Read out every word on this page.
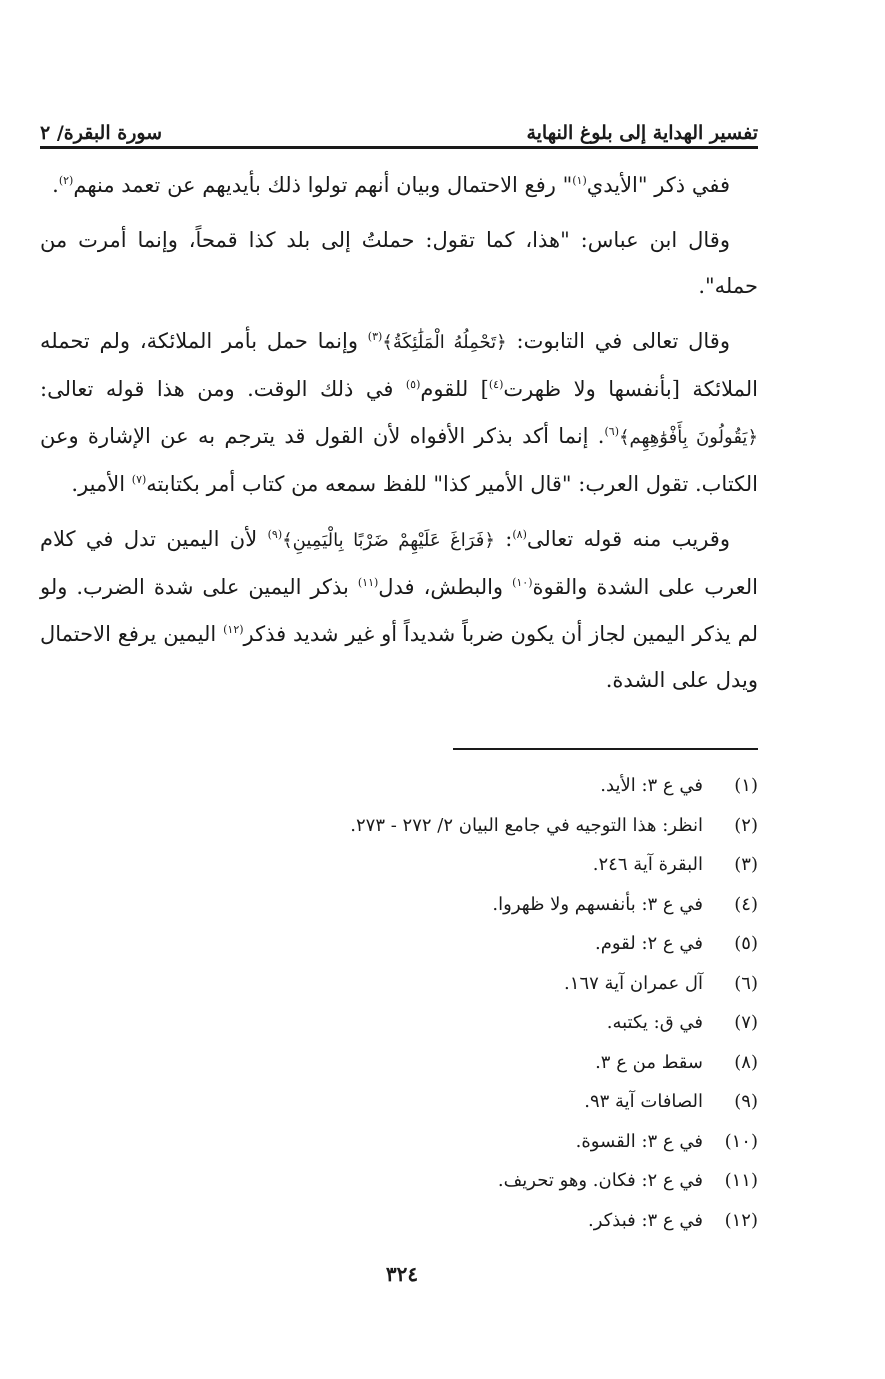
تفسير الهداية إلى بلوغ النهاية
سورة البقرة/ ٢

ففي ذكر "الأيدي$^{(١)}$" رفع الاحتمال وبيان أنهم تولوا ذلك بأيديهم عن تعمد منهم$^{(٢)}$.

وقال ابن عباس: "هذا، كما تقول: حملتُ إلى بلد كذا قمحاً، وإنما أمرت من حمله".

وقال تعالى في التابوت: ﴿تَحْمِلُهُ الْمَلَٰئِكَةُ﴾$^{(٣)}$ وإنما حمل بأمر الملائكة، ولم تحمله الملائكة [بأنفسها ولا ظهرت$^{(٤)}$] للقوم$^{(٥)}$ في ذلك الوقت. ومن هذا قوله تعالى: ﴿يَقُولُونَ بِأَفْوَٰهِهِم﴾$^{(٦)}$. إنما أكد بذكر الأفواه لأن القول قد يترجم به عن الإشارة وعن الكتاب. تقول العرب: "قال الأمير كذا" للفظ سمعه من كتاب أمر بكتابته$^{(٧)}$ الأمير.

وقريب منه قوله تعالى$^{(٨)}$: ﴿فَرَاغَ عَلَيْهِمْ ضَرْبًا بِالْيَمِينِ﴾$^{(٩)}$ لأن اليمين تدل في كلام العرب على الشدة والقوة$^{(١٠)}$ والبطش، فدل$^{(١١)}$ بذكر اليمين على شدة الضرب. ولو لم يذكر اليمين لجاز أن يكون ضرباً شديداً أو غير شديد فذكر$^{(١٢)}$ اليمين يرفع الاحتمال ويدل على الشدة.

(١)
في ع ٣: الأيد.
(٢)
انظر: هذا التوجيه في جامع البيان ٢/ ٢٧٢ - ٢٧٣.
(٣)
البقرة آية ٢٤٦.
(٤)
في ع ٣: بأنفسهم ولا ظهروا.
(٥)
في ع ٢: لقوم.
(٦)
آل عمران آية ١٦٧.
(٧)
في ق: يكتبه.
(٨)
سقط من ع ٣.
(٩)
الصافات آية ٩٣.
(١٠)
في ع ٣: القسوة.
(١١)
في ع ٢: فكان. وهو تحريف.
(١٢)
في ع ٣: فبذكر.
٣٢٤
